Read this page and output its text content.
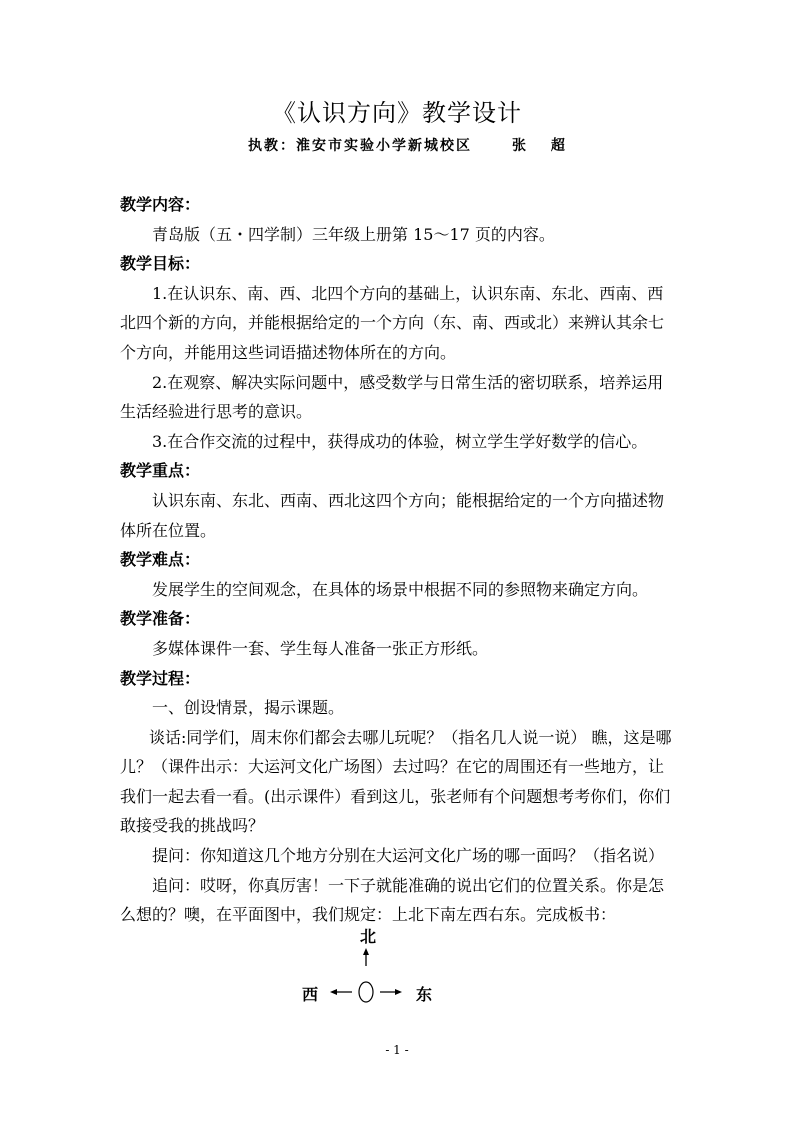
《认识方向》教学设计
执教：淮安市实验小学新城校区	张 超
教学内容：
青岛版（五・四学制）三年级上册第 15～17 页的内容。
教学目标：
1.在认识东、南、西、北四个方向的基础上，认识东南、东北、西南、西
北四个新的方向，并能根据给定的一个方向（东、南、西或北）来辨认其余七
个方向，并能用这些词语描述物体所在的方向。
2.在观察、解决实际问题中，感受数学与日常生活的密切联系，培养运用
生活经验进行思考的意识。
3.在合作交流的过程中，获得成功的体验，树立学生学好数学的信心。
教学重点：
认识东南、东北、西南、西北这四个方向；能根据给定的一个方向描述物
体所在位置。
教学难点：
发展学生的空间观念，在具体的场景中根据不同的参照物来确定方向。
教学准备：
多媒体课件一套、学生每人准备一张正方形纸。
教学过程：
一、创设情景，揭示课题。
谈话:同学们，周末你们都会去哪儿玩呢？（指名几人说一说） 瞧，这是哪
儿？（课件出示：大运河文化广场图）去过吗？在它的周围还有一些地方，让
我们一起去看一看。(出示课件）看到这儿，张老师有个问题想考考你们，你们
敢接受我的挑战吗？
提问：你知道这几个地方分别在大运河文化广场的哪一面吗？（指名说）
追问：哎呀，你真厉害！一下子就能准确的说出它们的位置关系。你是怎
么想的？噢，在平面图中，我们规定：上北下南左西右东。完成板书：
北
西	东
- 1 -
